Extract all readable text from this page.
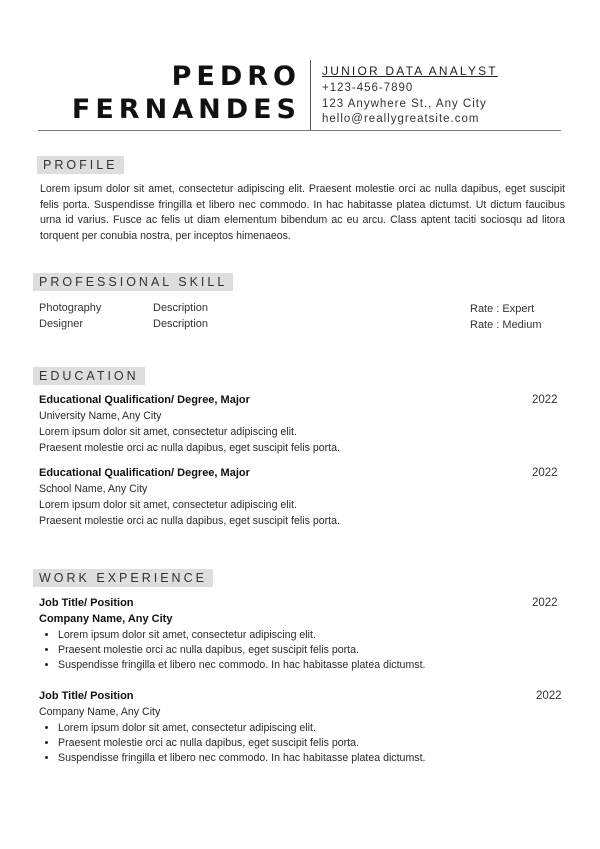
PEDRO
FERNANDES
JUNIOR DATA ANALYST
+123-456-7890
123 Anywhere St., Any City
hello@reallygreatsite.com
PROFILE
Lorem ipsum dolor sit amet, consectetur adipiscing elit. Praesent molestie orci ac nulla dapibus, eget suscipit felis porta. Suspendisse fringilla et libero nec commodo. In hac habitasse platea dictumst. Ut dictum faucibus urna id varius. Fusce ac felis ut diam elementum bibendum ac eu arcu. Class aptent taciti sociosqu ad litora torquent per conubia nostra, per inceptos himenaeos.
PROFESSIONAL SKILL
Photography	Description	Rate : Expert
Designer	Description	Rate : Medium
EDUCATION
Educational Qualification/ Degree, Major	2022
University Name, Any City
Lorem ipsum dolor sit amet, consectetur adipiscing elit.
Praesent molestie orci ac nulla dapibus, eget suscipit felis porta.
Educational Qualification/ Degree, Major	2022
School Name, Any City
Lorem ipsum dolor sit amet, consectetur adipiscing elit.
Praesent molestie orci ac nulla dapibus, eget suscipit felis porta.
WORK EXPERIENCE
Job Title/ Position	2022
Company Name, Any City
• Lorem ipsum dolor sit amet, consectetur adipiscing elit.
• Praesent molestie orci ac nulla dapibus, eget suscipit felis porta.
• Suspendisse fringilla et libero nec commodo. In hac habitasse platea dictumst.
Job Title/ Position	2022
Company Name, Any City
• Lorem ipsum dolor sit amet, consectetur adipiscing elit.
• Praesent molestie orci ac nulla dapibus, eget suscipit felis porta.
• Suspendisse fringilla et libero nec commodo. In hac habitasse platea dictumst.
